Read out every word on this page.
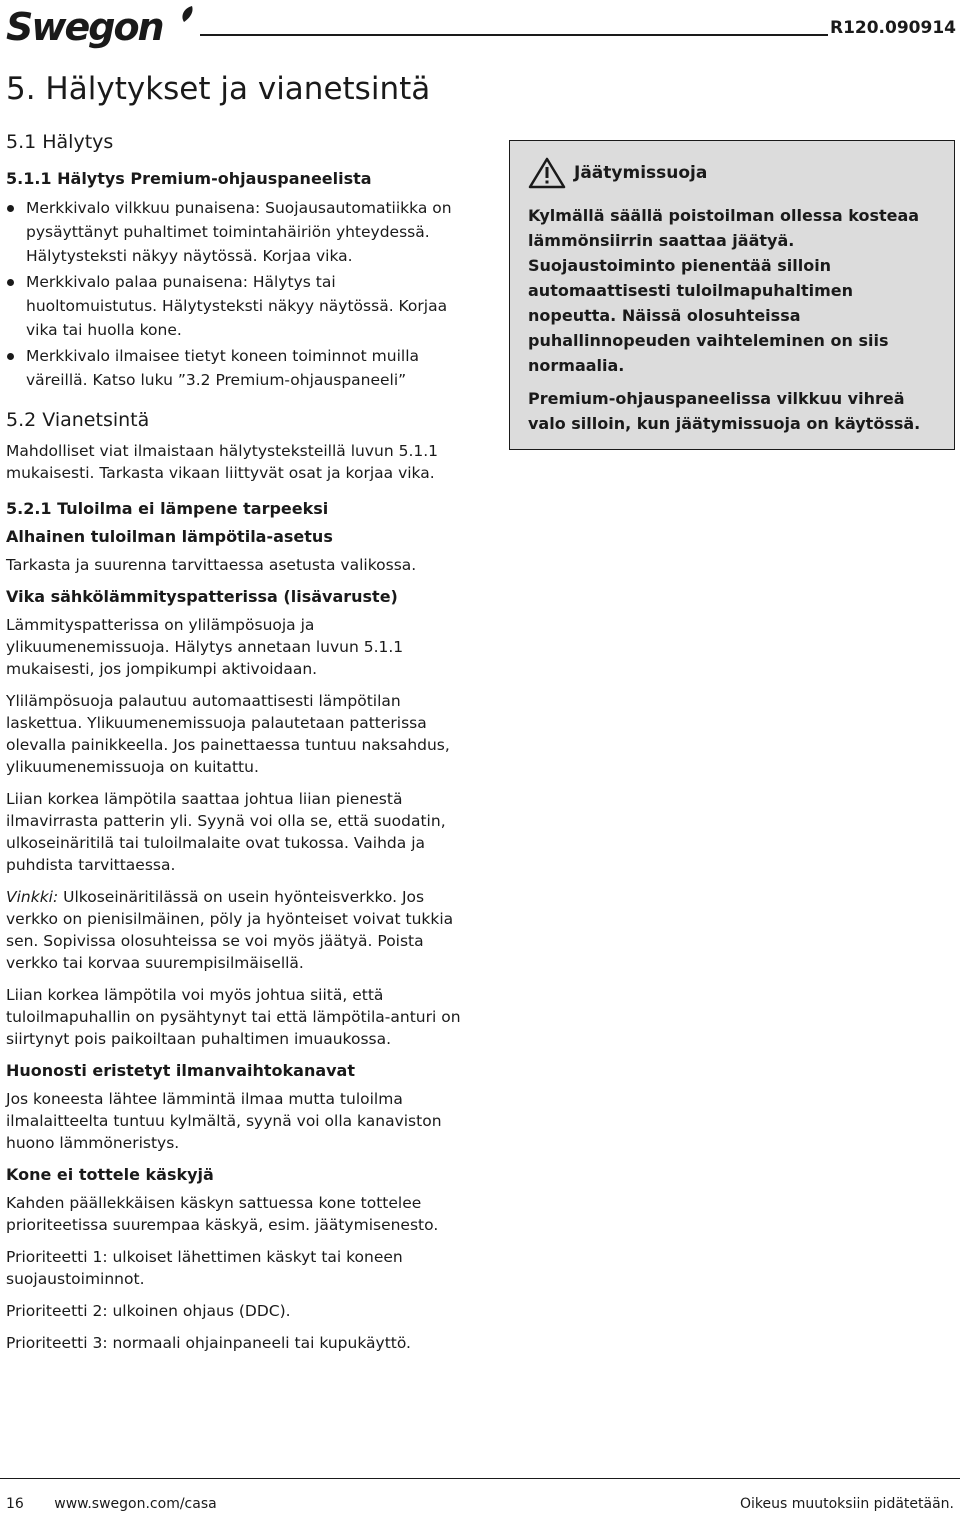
Swegon	R120.090914
5. Hälytykset ja vianetsintä
5.1 Hälytys
5.1.1 Hälytys Premium-ohjauspaneelista
Merkkivalo vilkkuu punaisena: Suojausautomatiikka on pysäyttänyt puhaltimet toimintahäiriön yhteydessä. Hälytysteksti näkyy näytössä. Korjaa vika.
Merkkivalo palaa punaisena: Hälytys tai huoltomuistutus. Hälytysteksti näkyy näytössä. Korjaa vika tai huolla kone.
Merkkivalo ilmaisee tietyt koneen toiminnot muilla väreillä. Katso luku ”3.2 Premium-ohjauspaneeli”
5.2 Vianetsintä

Mahdolliset viat ilmaistaan hälytysteksteillä luvun 5.1.1 mukaisesti. Tarkasta vikaan liittyvät osat ja korjaa vika.

5.2.1 Tuloilma ei lämpene tarpeeksi
Alhainen tuloilman lämpötila-asetus

Tarkasta ja suurenna tarvittaessa asetusta valikossa.

Vika sähkölämmityspatterissa (lisävaruste)

Lämmityspatterissa on ylilämpösuoja ja ylikuumenemissuoja. Hälytys annetaan luvun 5.1.1 mukaisesti, jos jompikumpi aktivoidaan.

Ylilämpösuoja palautuu automaattisesti lämpötilan laskettua. Ylikuumenemissuoja palautetaan patterissa olevalla painikkeella. Jos painettaessa tuntuu naksahdus, ylikuumenemissuoja on kuitattu.

Liian korkea lämpötila saattaa johtua liian pienestä ilmavirrasta patterin yli. Syynä voi olla se, että suodatin, ulkoseinäritilä tai tuloilmalaite ovat tukossa. Vaihda ja puhdista tarvittaessa.

Vinkki: Ulkoseinäritilässä on usein hyönteisverkko. Jos verkko on pienisilmäinen, pöly ja hyönteiset voivat tukkia sen. Sopivissa olosuhteissa se voi myös jäätyä. Poista verkko tai korvaa suurempisilmäisellä.

Liian korkea lämpötila voi myös johtua siitä, että tuloilmapuhallin on pysähtynyt tai että lämpötila-anturi on siirtynyt pois paikoiltaan puhaltimen imuaukossa.

Huonosti eristetyt ilmanvaihtokanavat

Jos koneesta lähtee lämmintä ilmaa mutta tuloilma ilmalaitteelta tuntuu kylmältä, syynä voi olla kanaviston huono lämmöneristys.

Kone ei tottele käskyjä

Kahden päällekkäisen käskyn sattuessa kone tottelee prioriteetissa suurempaa käskyä, esim. jäätymisenesto.

Prioriteetti 1: ulkoiset lähettimen käskyt tai koneen suojaustoiminnot.

Prioriteetti 2: ulkoinen ohjaus (DDC).

Prioriteetti 3: normaali ohjainpaneeli tai kupukäyttö.

Jäätymissuoja

Kylmällä säällä poistoilman ollessa kosteaa lämmönsiirrin saattaa jäätyä. Suojaustoiminto pienentää silloin automaattisesti tuloilmapuhaltimen nopeutta. Näissä olosuhteissa puhallinnopeuden vaihteleminen on siis normaalia.

Premium-ohjauspaneelissa vilkkuu vihreä valo silloin, kun jäätymissuoja on käytössä.

16 www.swegon.com/casa	Oikeus muutoksiin pidätetään.
